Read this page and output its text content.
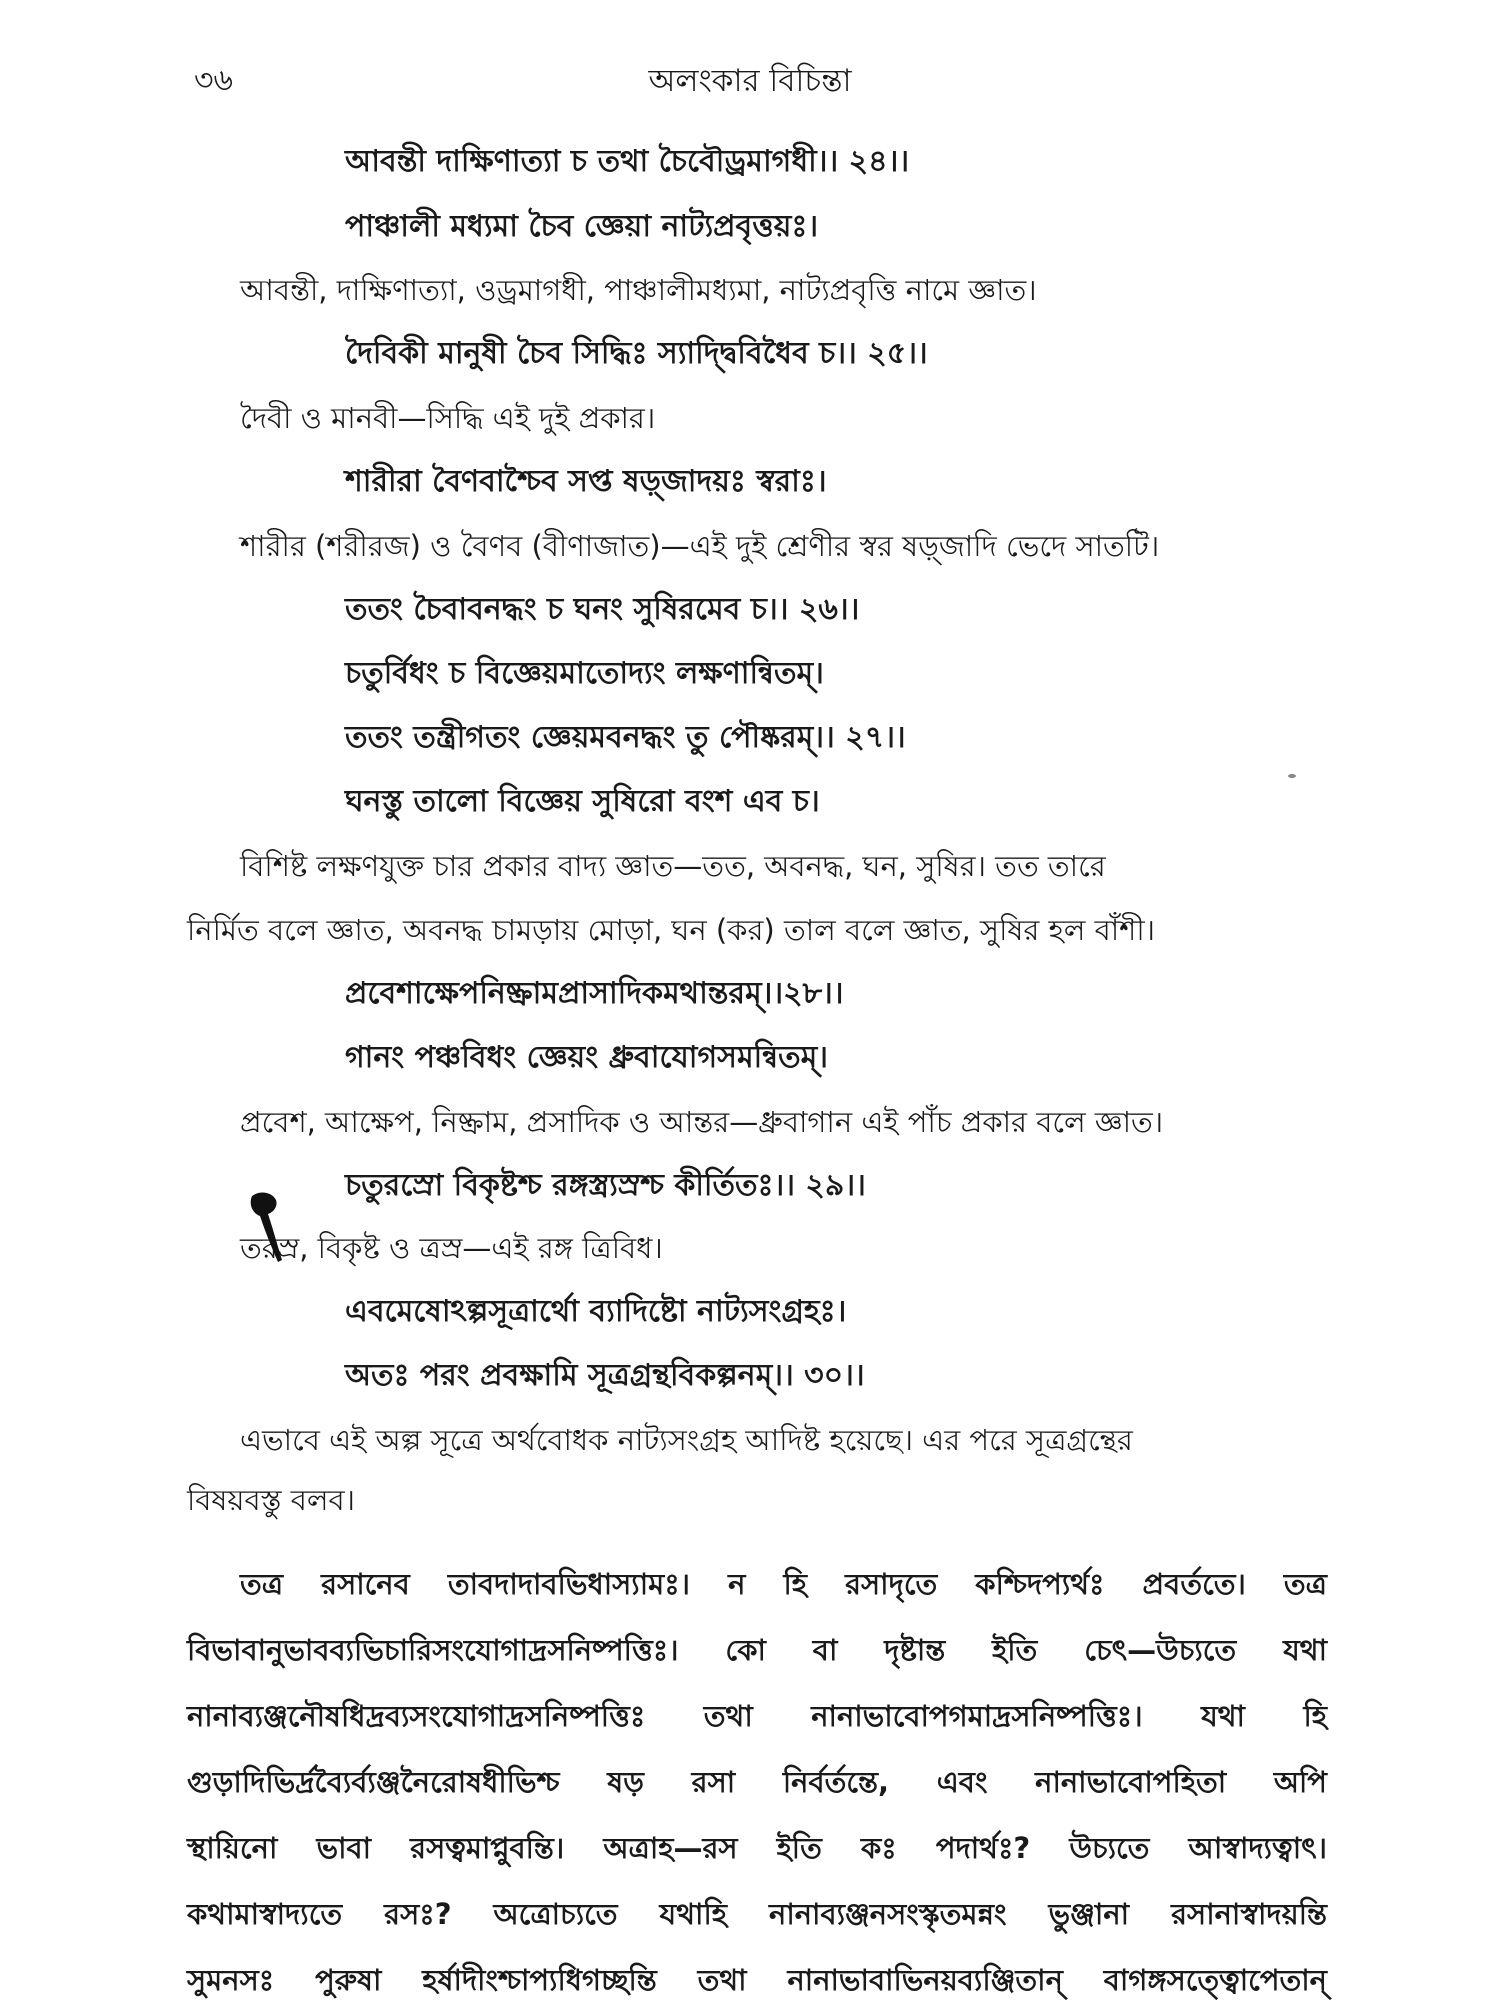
৩৬	অলংকার বিচিন্তা
আবন্তী দাক্ষিণাত্যা চ তথা চৈবৌড্রমাগধী।। ২৪।।
পাঞ্চালী মধ্যমা চৈব জ্ঞেয়া নাট্যপ্রবৃত্তয়ঃ।
আবন্তী, দাক্ষিণাত্যা, ওড্রমাগধী, পাঞ্চালীমধ্যমা, নাট্যপ্রবৃত্তি নামে জ্ঞাত।
দৈবিকী মানুষী চৈব সিদ্ধিঃ স্যাদ্দ্বিবিধৈব চ।। ২৫।।
দৈবী ও মানবী—সিদ্ধি এই দুই প্রকার।
শারীরা বৈণবাশ্চৈব সপ্ত ষড়্জাদয়ঃ স্বরাঃ।
শারীর (শরীরজ) ও বৈণব (বীণাজাত)—এই দুই শ্রেণীর স্বর ষড়্জাদি ভেদে সাতটি।
ততং চৈবাবনদ্ধং চ ঘনং সুষিরমেব চ।। ২৬।।
চতুর্বিধং চ বিজ্ঞেয়মাতোদ্যং লক্ষণান্বিতম্।
ততং তন্ত্রীগতং জ্ঞেয়মবনদ্ধং তু পৌষ্করম্।। ২৭।।
ঘনস্তু তালো বিজ্ঞেয় সুষিরো বংশ এব চ।
বিশিষ্ট লক্ষণযুক্ত চার প্রকার বাদ্য জ্ঞাত—তত, অবনদ্ধ, ঘন, সুষির। তত তারে
নির্মিত বলে জ্ঞাত, অবনদ্ধ চামড়ায় মোড়া, ঘন (কর) তাল বলে জ্ঞাত, সুষির হল বাঁশী।
প্রবেশাক্ষেপনিষ্ক্রামপ্রাসাদিকমথান্তরম্।।২৮।।
গানং পঞ্চবিধং জ্ঞেয়ং ধ্রুবাযোগসমন্বিতম্।
প্রবেশ, আক্ষেপ, নিষ্ক্রাম, প্রসাদিক ও আন্তর—ধ্রুবাগান এই পাঁচ প্রকার বলে জ্ঞাত।
চতুরস্রো বিকৃষ্টশ্চ রঙ্গস্ত্র্যস্রশ্চ কীর্তিতঃ।। ২৯।।
তরস্র, বিকৃষ্ট ও ত্রস্র—এই রঙ্গ ত্রিবিধ।
এবমেষোঽল্পসূত্রার্থো ব্যাদিষ্টো নাট্যসংগ্রহঃ।
অতঃ পরং প্রবক্ষামি সূত্রগ্রন্থবিকল্পনম্।। ৩০।।
এভাবে এই অল্প সূত্রে অর্থবোধক নাট্যসংগ্রহ আদিষ্ট হয়েছে। এর পরে সূত্রগ্রন্থের
বিষয়বস্তু বলব।
তত্র রসানেব তাবদাদাবভিধাস্যামঃ। ন হি রসাদৃতে কশ্চিদপ্যর্থঃ প্রবর্ততে। তত্র
বিভাবানুভাবব্যভিচারিসংযোগাদ্রসনিষ্পত্তিঃ। কো বা দৃষ্টান্ত ইতি চেৎ—উচ্যতে যথা
নানাব্যঞ্জনৌষধিদ্রব্যসংযোগাদ্রসনিষ্পত্তিঃ তথা নানাভাবোপগমাদ্রসনিষ্পত্তিঃ। যথা হি
গুড়াদিভির্দ্রব্যৈর্ব্যঞ্জনৈরোষধীভিশ্চ ষড় রসা নির্বর্তন্তে, এবং নানাভাবোপহিতা অপি
স্থায়িনো ভাবা রসত্বমাপ্নুবন্তি। অত্রাহ—রস ইতি কঃ পদার্থঃ? উচ্যতে আস্বাদ্যত্বাৎ।
কথামাস্বাদ্যতে রসঃ? অত্রোচ্যতে যথাহি নানাব্যঞ্জনসংস্কৃতমন্নং ভুঞ্জানা রসানাস্বাদয়ন্তি
সুমনসঃ পুরুষা হর্ষাদীংশ্চাপ্যধিগচ্ছন্তি তথা নানাভাবাভিনয়ব্যঞ্জিতান্ বাগঙ্গসত্ত্বোপেতান্
